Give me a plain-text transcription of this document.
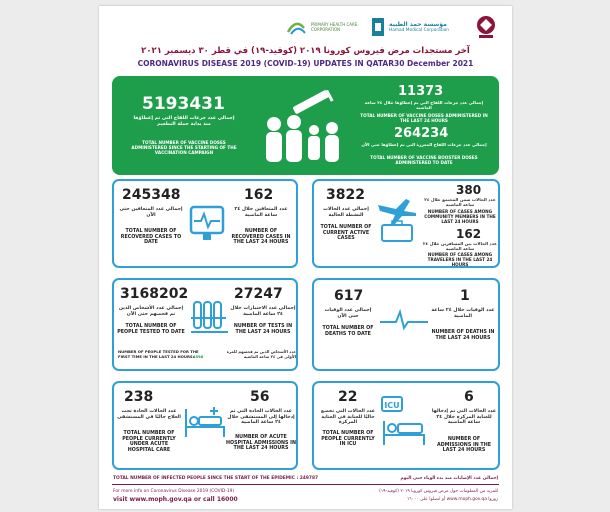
PRIMARY HEALTH CARE CORPORATION
مؤسسة حمد الطبية
Hamad Medical Corporation
آخر مستجدات مرض فيروس كورونا ٢٠١٩ (كوفيد-١٩) في قطر ٣٠ ديسمبر ٢٠٢١
CORONAVIRUS DISEASE 2019 (COVID-19) UPDATES IN QATAR30 December 2021
5193431
إجمالي عدد جرعات اللقاح التي تم إعطاؤها منذ بداية حملة التطعيم
TOTAL NUMBER OF VACCINE DOSES ADMINISTERED SINCE THE STARTING OF THE VACCINATION CAMPAIGN
11373
إجمالي عدد جرعات اللقاح التي تم إعطاؤها خلال ٢٤ ساعة الماضية
TOTAL NUMBER OF VACCINE DOSES ADMINISTERED IN THE LAST 24 HOURS
264234
إجمالي عدد جرعات اللقاح المعززة التي تم إعطاؤها حتى الآن
TOTAL NUMBER OF VACCINE BOOSTER DOSES ADMINISTERED TO DATE
245348
إجمالي عدد المتعافين حتى الآن
TOTAL NUMBER OF RECOVERED CASES TO DATE
162
عدد المتعافين خلال ٢٤ ساعة الماضية
NUMBER OF RECOVERED CASES IN THE LAST 24 HOURS
3822
إجمالي عدد الحالات النشطة الحالية
TOTAL NUMBER OF CURRENT ACTIVE CASES
380
عدد الحالات ضمن المجتمع خلال ٢٤ ساعة الماضية
NUMBER OF CASES AMONG COMMUNITY MEMBERS IN THE LAST 24 HOURS
162
عدد الحالات بين المسافرين خلال ٢٤ ساعة الماضية
NUMBER OF CASES AMONG TRAVELERS IN THE LAST 24 HOURS
3168202
إجمالي عدد الأشخاص الذين تم فحصهم حتى الآن
TOTAL NUMBER OF PEOPLE TESTED TO DATE
27247
إجمالي عدد الاختبارات خلال ٢٤ ساعة الماضية
NUMBER OF TESTS IN THE LAST 24 HOURS
NUMBER OF PEOPLE TESTED FOR THE FIRST TIME IN THE LAST 24 HOURS:
4598
عدد الأشخاص الذين تم فحصهم للمرة الأولى في ٢٤ ساعة الماضية
617
إجمالي عدد الوفيات حتى الآن
TOTAL NUMBER OF DEATHS TO DATE
1
عدد الوفيات خلال ٢٤ ساعة الماضية
NUMBER OF DEATHS IN THE LAST 24 HOURS
238
عدد الحالات الحادة تحت العلاج حاليًا في المستشفى
TOTAL NUMBER OF PEOPLE CURRENTLY UNDER ACUTE HOSPITAL CARE
56
عدد الحالات الحادة التي تم إدخالها إلى المستشفى خلال ٢٤ ساعة الماضية
NUMBER OF ACUTE HOSPITAL ADMISSIONS IN THE LAST 24 HOURS
22
عدد الحالات التي تخضع حاليًا للعناية في العناية المركزة
TOTAL NUMBER OF PEOPLE CURRENTLY IN ICU
ICU
6
عدد الحالات التي تم إدخالها للعناية المركزة خلال ٢٤ ساعة الماضية
NUMBER OF ADMISSIONS IN THE LAST 24 HOURS
TOTAL NUMBER OF INFECTED PEOPLE SINCE THE START OF THE EPIDEMIC : 249787	إجمالي عدد الإصابات منذ بدء الوباء حتى اليوم
For more info on Coronavirus Disease 2019 (COVID-19)
visit www.moph.gov.qa or call 16000
للمزيد من المعلومات حول مرض فيروس كورونا ٢٠١٩ (كوفيد-١٩)
زوروا www.moph.gov.qa أو اتصلوا على ١٦٠٠٠
